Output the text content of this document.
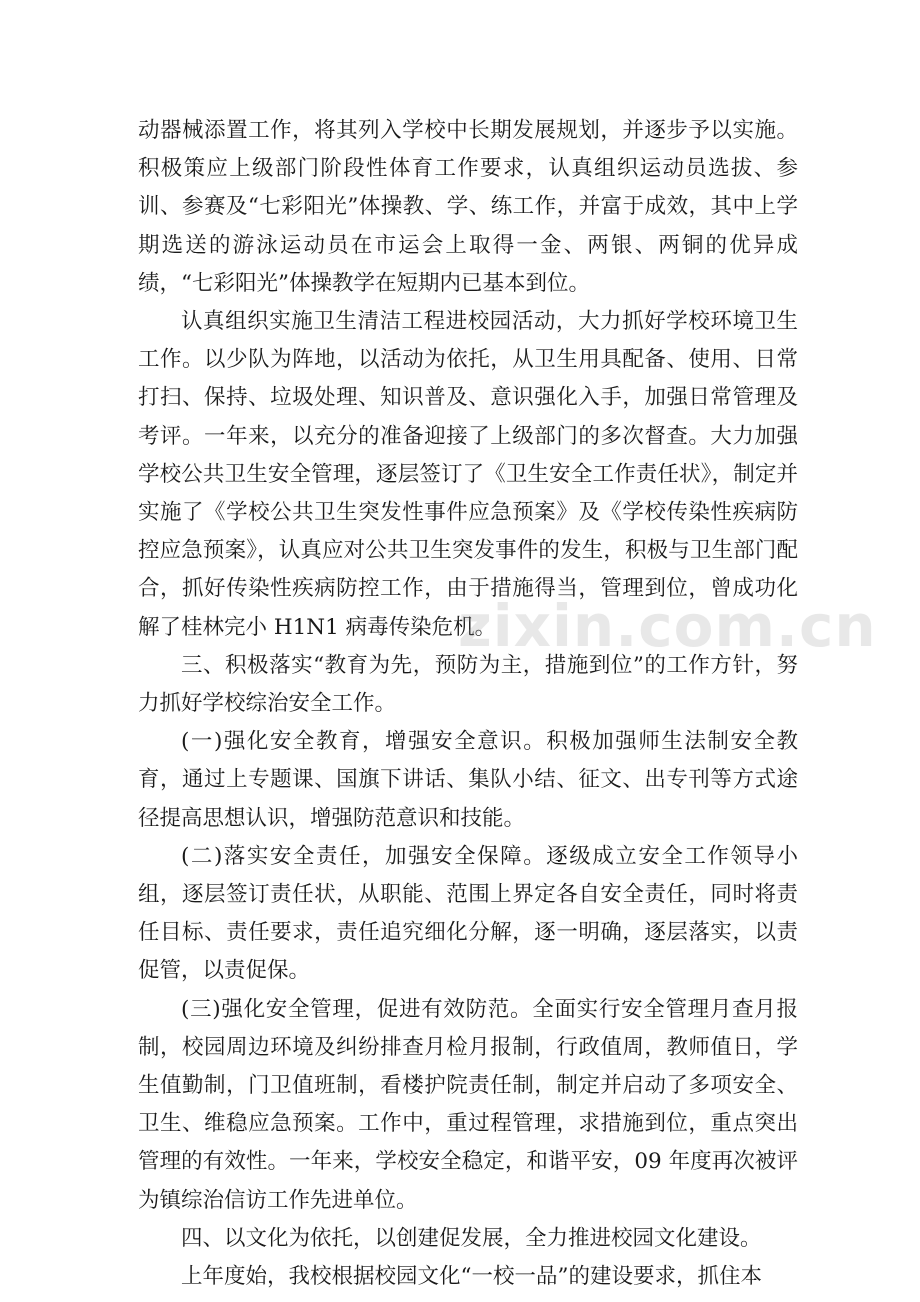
动器械添置工作，将其列入学校中长期发展规划，并逐步予以实施。积极策应上级部门阶段性体育工作要求，认真组织运动员选拔、参训、参赛及“七彩阳光”体操教、学、练工作，并富于成效，其中上学期选送的游泳运动员在市运会上取得一金、两银、两铜的优异成绩，“七彩阳光”体操教学在短期内已基本到位。

认真组织实施卫生清洁工程进校园活动，大力抓好学校环境卫生工作。以少队为阵地，以活动为依托，从卫生用具配备、使用、日常打扫、保持、垃圾处理、知识普及、意识强化入手，加强日常管理及考评。一年来，以充分的准备迎接了上级部门的多次督查。大力加强学校公共卫生安全管理，逐层签订了《卫生安全工作责任状》，制定并实施了《学校公共卫生突发性事件应急预案》及《学校传染性疾病防控应急预案》，认真应对公共卫生突发事件的发生，积极与卫生部门配合，抓好传染性疾病防控工作，由于措施得当，管理到位，曾成功化解了桂林完小 H1N1 病毒传染危机。

三、积极落实“教育为先，预防为主，措施到位”的工作方针，努力抓好学校综治安全工作。

(一)强化安全教育，增强安全意识。积极加强师生法制安全教育，通过上专题课、国旗下讲话、集队小结、征文、出专刊等方式途径提高思想认识，增强防范意识和技能。

(二)落实安全责任，加强安全保障。逐级成立安全工作领导小组，逐层签订责任状，从职能、范围上界定各自安全责任，同时将责任目标、责任要求，责任追究细化分解，逐一明确，逐层落实，以责促管，以责促保。

(三)强化安全管理，促进有效防范。全面实行安全管理月查月报制，校园周边环境及纠纷排查月检月报制，行政值周，教师值日，学生值勤制，门卫值班制，看楼护院责任制，制定并启动了多项安全、卫生、维稳应急预案。工作中，重过程管理，求措施到位，重点突出管理的有效性。一年来，学校安全稳定，和谐平安，09 年度再次被评为镇综治信访工作先进单位。

四、以文化为依托，以创建促发展，全力推进校园文化建设。

上年度始，我校根据校园文化“一校一品”的建设要求，抓住本

zixin.com.cn
